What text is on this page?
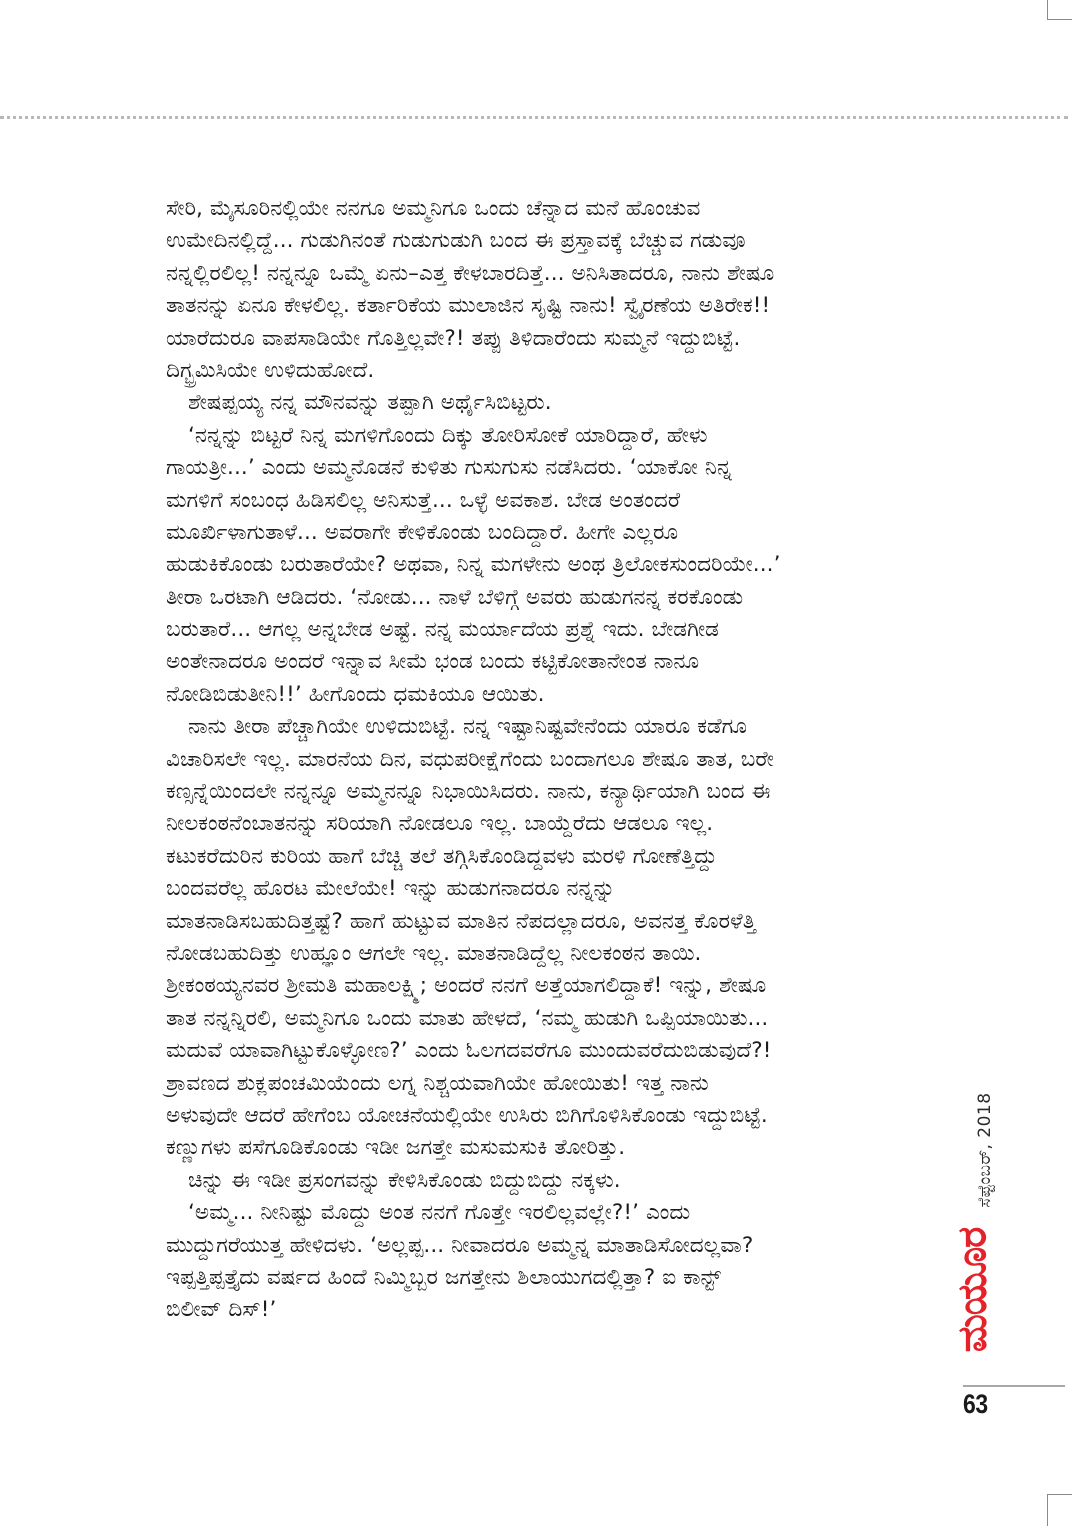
ಸೇರಿ, ಮೈಸೂರಿನಲ್ಲಿಯೇ ನನಗೂ ಅಮ್ಮನಿಗೂ ಒಂದು ಚೆನ್ನಾದ ಮನೆ ಹೊಂಚುವ
ಉಮೇದಿನಲ್ಲಿದ್ದೆ... ಗುಡುಗಿನಂತೆ ಗುಡುಗುಡುಗಿ ಬಂದ ಈ ಪ್ರಸ್ತಾವಕ್ಕೆ ಬೆಚ್ಚುವ ಗಡುವೂ
ನನ್ನಲ್ಲಿರಲಿಲ್ಲ! ನನ್ನನ್ನೂ ಒಮ್ಮೆ ಏನು–ಎತ್ತ ಕೇಳಬಾರದಿತ್ತೆ... ಅನಿಸಿತಾದರೂ, ನಾನು ಶೇಷೂ
ತಾತನನ್ನು ಏನೂ ಕೇಳಲಿಲ್ಲ. ಕರ್ತಾರಿಕೆಯ ಮುಲಾಜಿನ ಸೃಷ್ಟಿ ನಾನು! ಸ್ವೈರಣೆಯ ಅತಿರೇಕ!!
ಯಾರೆದುರೂ ವಾಪಸಾಡಿಯೇ ಗೊತ್ತಿಲ್ಲವೇ?! ತಪ್ಪು ತಿಳಿದಾರೆಂದು ಸುಮ್ಮನೆ ಇದ್ದುಬಿಟ್ಟೆ.
ದಿಗ್ಭ್ರಮಿಸಿಯೇ ಉಳಿದುಹೋದೆ.
ಶೇಷಪ್ಪಯ್ಯ ನನ್ನ ಮೌನವನ್ನು ತಪ್ಪಾಗಿ ಅರ್ಥೈಸಿಬಿಟ್ಟರು.
‘ನನ್ನನ್ನು ಬಿಟ್ಟರೆ ನಿನ್ನ ಮಗಳಿಗೊಂದು ದಿಕ್ಕು ತೋರಿಸೋಕೆ ಯಾರಿದ್ದಾರೆ, ಹೇಳು
ಗಾಯತ್ರೀ...’ ಎಂದು ಅಮ್ಮನೊಡನೆ ಕುಳಿತು ಗುಸುಗುಸು ನಡೆಸಿದರು. ‘ಯಾಕೋ ನಿನ್ನ
ಮಗಳಿಗೆ ಸಂಬಂಧ ಹಿಡಿಸಲಿಲ್ಲ ಅನಿಸುತ್ತೆ... ಒಳ್ಳೆ ಅವಕಾಶ. ಬೇಡ ಅಂತಂದರೆ
ಮೂರ್ಖಿಳಾಗುತಾಳೆ... ಅವರಾಗೇ ಕೇಳಿಕೊಂಡು ಬಂದಿದ್ದಾರೆ. ಹೀಗೇ ಎಲ್ಲರೂ
ಹುಡುಕಿಕೊಂಡು ಬರುತಾರೆಯೇ? ಅಥವಾ, ನಿನ್ನ ಮಗಳೇನು ಅಂಥ ತ್ರಿಲೋಕಸುಂದರಿಯೇ...’
ತೀರಾ ಒರಟಾಗಿ ಆಡಿದರು. ‘ನೋಡು... ನಾಳೆ ಬೆಳಿಗ್ಗೆ ಅವರು ಹುಡುಗನನ್ನ ಕರಕೊಂಡು
ಬರುತಾರೆ... ಆಗಲ್ಲ ಅನ್ನಬೇಡ ಅಷ್ಟೆ. ನನ್ನ ಮರ್ಯಾದೆಯ ಪ್ರಶ್ನೆ ಇದು. ಬೇಡಗೀಡ
ಅಂತೇನಾದರೂ ಅಂದರೆ ಇನ್ನಾವ ಸೀಮೆ ಭಂಡ ಬಂದು ಕಟ್ಟಿಕೋತಾನೇಂತ ನಾನೂ
ನೋಡಿಬಿಡುತೀನಿ!!’ ಹೀಗೊಂದು ಧಮಕಿಯೂ ಆಯಿತು.
ನಾನು ತೀರಾ ಪೆಚ್ಚಾಗಿಯೇ ಉಳಿದುಬಿಟ್ಟೆ. ನನ್ನ ಇಷ್ಟಾನಿಷ್ಟವೇನೆಂದು ಯಾರೂ ಕಡೆಗೂ
ವಿಚಾರಿಸಲೇ ಇಲ್ಲ. ಮಾರನೆಯ ದಿನ, ವಧುಪರೀಕ್ಷೆಗೆಂದು ಬಂದಾಗಲೂ ಶೇಷೂ ತಾತ, ಬರೇ
ಕಣ್ಸನ್ನೆಯಿಂದಲೇ ನನ್ನನ್ನೂ ಅಮ್ಮನನ್ನೂ ನಿಭಾಯಿಸಿದರು. ನಾನು, ಕನ್ಯಾರ್ಥಿಯಾಗಿ ಬಂದ ಈ
ನೀಲಕಂಠನೆಂಬಾತನನ್ನು ಸರಿಯಾಗಿ ನೋಡಲೂ ಇಲ್ಲ. ಬಾಯ್ದೆರೆದು ಆಡಲೂ ಇಲ್ಲ.
ಕಟುಕರೆದುರಿನ ಕುರಿಯ ಹಾಗೆ ಬೆಚ್ಚಿ ತಲೆ ತಗ್ಗಿಸಿಕೊಂಡಿದ್ದವಳು ಮರಳಿ ಗೋಣೆತ್ತಿದ್ದು
ಬಂದವರೆಲ್ಲ ಹೊರಟ ಮೇಲೆಯೇ! ಇನ್ನು ಹುಡುಗನಾದರೂ ನನ್ನನ್ನು
ಮಾತನಾಡಿಸಬಹುದಿತ್ತಷ್ಟೆ? ಹಾಗೆ ಹುಟ್ಟುವ ಮಾತಿನ ನೆಪದಲ್ಲಾದರೂ, ಅವನತ್ತ ಕೊರಳೆತ್ತಿ
ನೋಡಬಹುದಿತ್ತು ಉಹ್ಞೂಂ ಆಗಲೇ ಇಲ್ಲ. ಮಾತನಾಡಿದ್ದೆಲ್ಲ ನೀಲಕಂಠನ ತಾಯಿ.
ಶ್ರೀಕಂಠಯ್ಯನವರ ಶ್ರೀಮತಿ ಮಹಾಲಕ್ಷ್ಮಿ; ಅಂದರೆ ನನಗೆ ಅತ್ತೆಯಾಗಲಿದ್ದಾಕೆ! ಇನ್ನು, ಶೇಷೂ
ತಾತ ನನ್ನನ್ನಿರಲಿ, ಅಮ್ಮನಿಗೂ ಒಂದು ಮಾತು ಹೇಳದೆ, ‘ನಮ್ಮ ಹುಡುಗಿ ಒಪ್ಪಿಯಾಯಿತು...
ಮದುವೆ ಯಾವಾಗಿಟ್ಟುಕೊಳ್ಳೋಣ?’ ಎಂದು ಓಲಗದವರೆಗೂ ಮುಂದುವರೆದುಬಿಡುವುದೆ?!
ಶ್ರಾವಣದ ಶುಕ್ಲಪಂಚಮಿಯೆಂದು ಲಗ್ನ ನಿಶ್ಚಯವಾಗಿಯೇ ಹೋಯಿತು! ಇತ್ತ ನಾನು
ಅಳುವುದೇ ಆದರೆ ಹೇಗೆಂಬ ಯೋಚನೆಯಲ್ಲಿಯೇ ಉಸಿರು ಬಿಗಿಗೊಳಿಸಿಕೊಂಡು ಇದ್ದುಬಿಟ್ಟೆ.
ಕಣ್ಣುಗಳು ಪಸೆಗೂಡಿಕೊಂಡು ಇಡೀ ಜಗತ್ತೇ ಮಸುಮಸುಕಿ ತೋರಿತ್ತು.
ಚಿನ್ನು ಈ ಇಡೀ ಪ್ರಸಂಗವನ್ನು ಕೇಳಿಸಿಕೊಂಡು ಬಿದ್ದುಬಿದ್ದು ನಕ್ಕಳು.
‘ಅಮ್ಮ... ನೀನಿಷ್ಟು ಮೊದ್ದು ಅಂತ ನನಗೆ ಗೊತ್ತೇ ಇರಲಿಲ್ಲವಲ್ಲೇ?!’ ಎಂದು
ಮುದ್ದುಗರೆಯುತ್ತ ಹೇಳಿದಳು. ‘ಅಲ್ಲಪ್ಪ... ನೀವಾದರೂ ಅಮ್ಮನ್ನ ಮಾತಾಡಿಸೋದಲ್ಲವಾ?
ಇಪ್ಪತ್ತಿಪ್ಪತ್ತೈದು ವರ್ಷದ ಹಿಂದೆ ನಿಮ್ಮಿಬ್ಬರ ಜಗತ್ತೇನು ಶಿಲಾಯುಗದಲ್ಲಿತ್ತಾ? ಐ ಕಾನ್ಟ್
ಬಿಲೀವ್ ದಿಸ್!’
ಸೆಪ್ಟೆಂಬರ್, 2018
ಮಯೂರ
63
